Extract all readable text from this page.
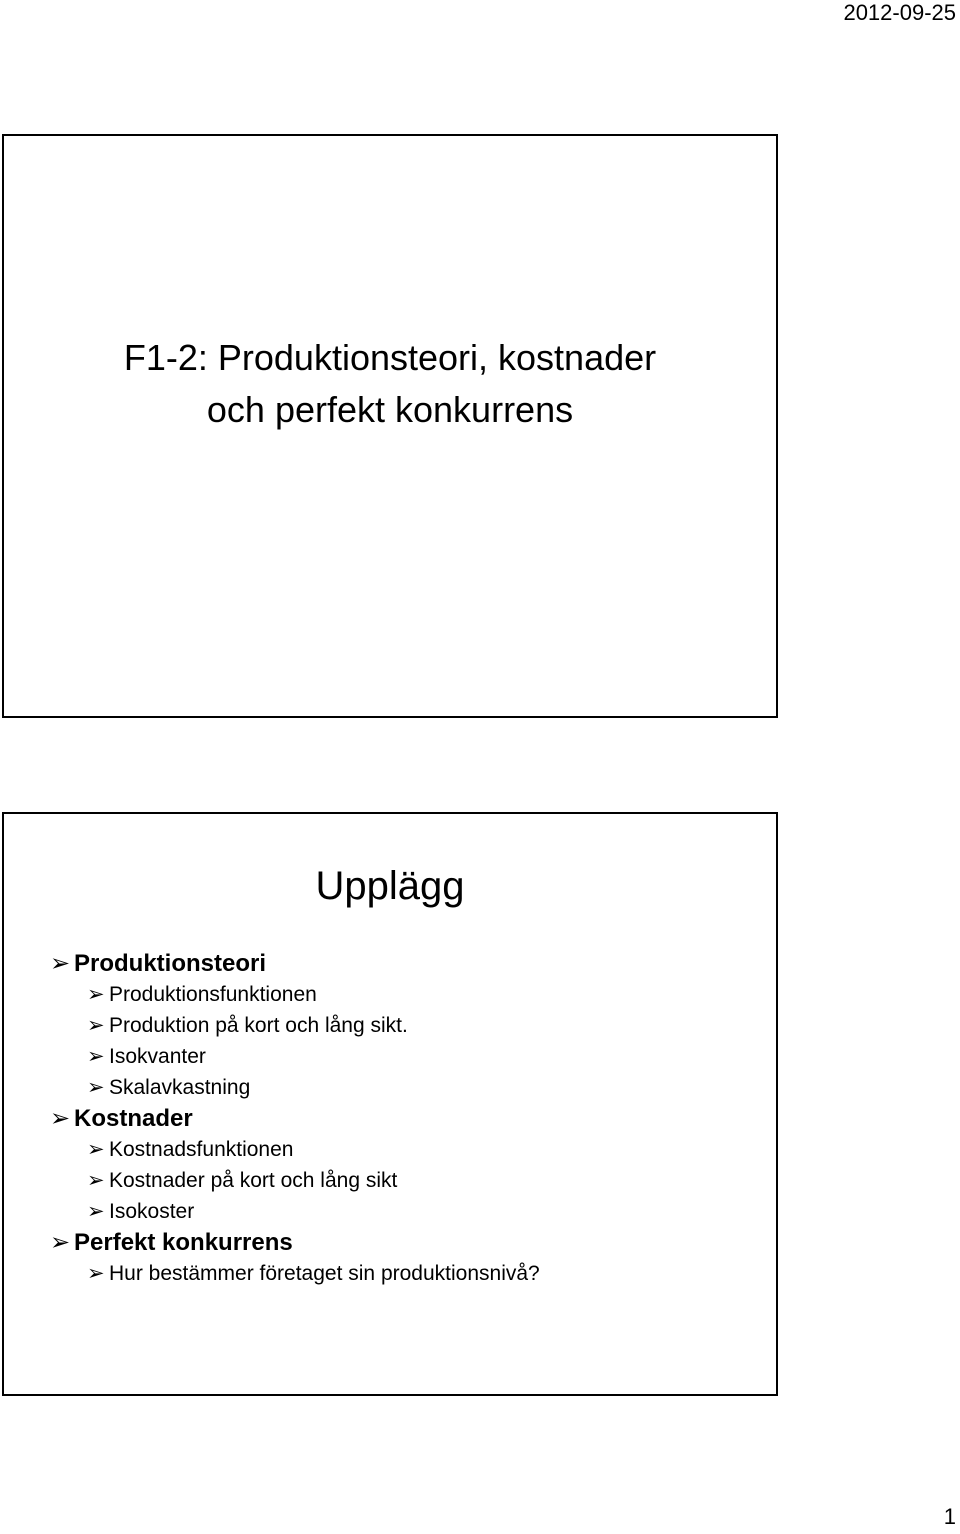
2012-09-25
F1-2: Produktionsteori, kostnader
och perfekt konkurrens
Upplägg
➢ Produktionsteori
➢ Produktionsfunktionen
➢ Produktion på kort och lång sikt.
➢ Isokvanter
➢ Skalavkastning
➢ Kostnader
➢ Kostnadsfunktionen
➢ Kostnader på kort och lång sikt
➢ Isokoster
➢ Perfekt konkurrens
➢ Hur bestämmer företaget sin produktionsnivå?
1
